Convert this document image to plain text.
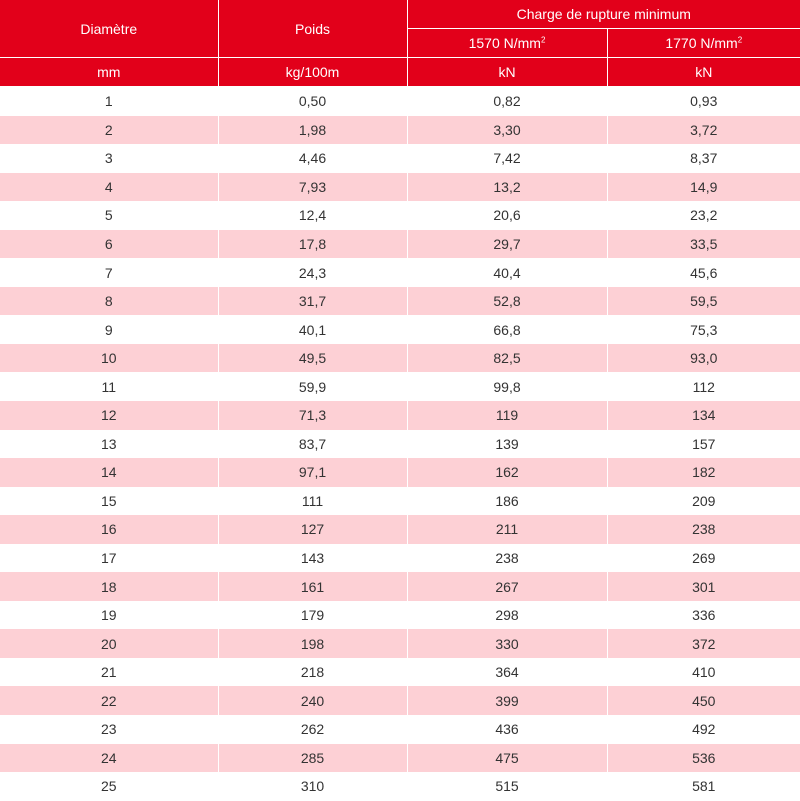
Diamètre	Poids	Charge de rupture minimum	
		1570 $N/mm^2$	1770 $N/mm^2$
mm	kg/100m	kN	kN
1	0,50	0,82	0,93
2	1,98	3,30	3,72
3	4,46	7,42	8,37
4	7,93	13,2	14,9
5	12,4	20,6	23,2
6	17,8	29,7	33,5
7	24,3	40,4	45,6
8	31,7	52,8	59,5
9	40,1	66,8	75,3
10	49,5	82,5	93,0
11	59,9	99,8	112
12	71,3	119	134
13	83,7	139	157
14	97,1	162	182
15	111	186	209
16	127	211	238
17	143	238	269
18	161	267	301
19	179	298	336
20	198	330	372
21	218	364	410
22	240	399	450
23	262	436	492
24	285	475	536
25	310	515	581
